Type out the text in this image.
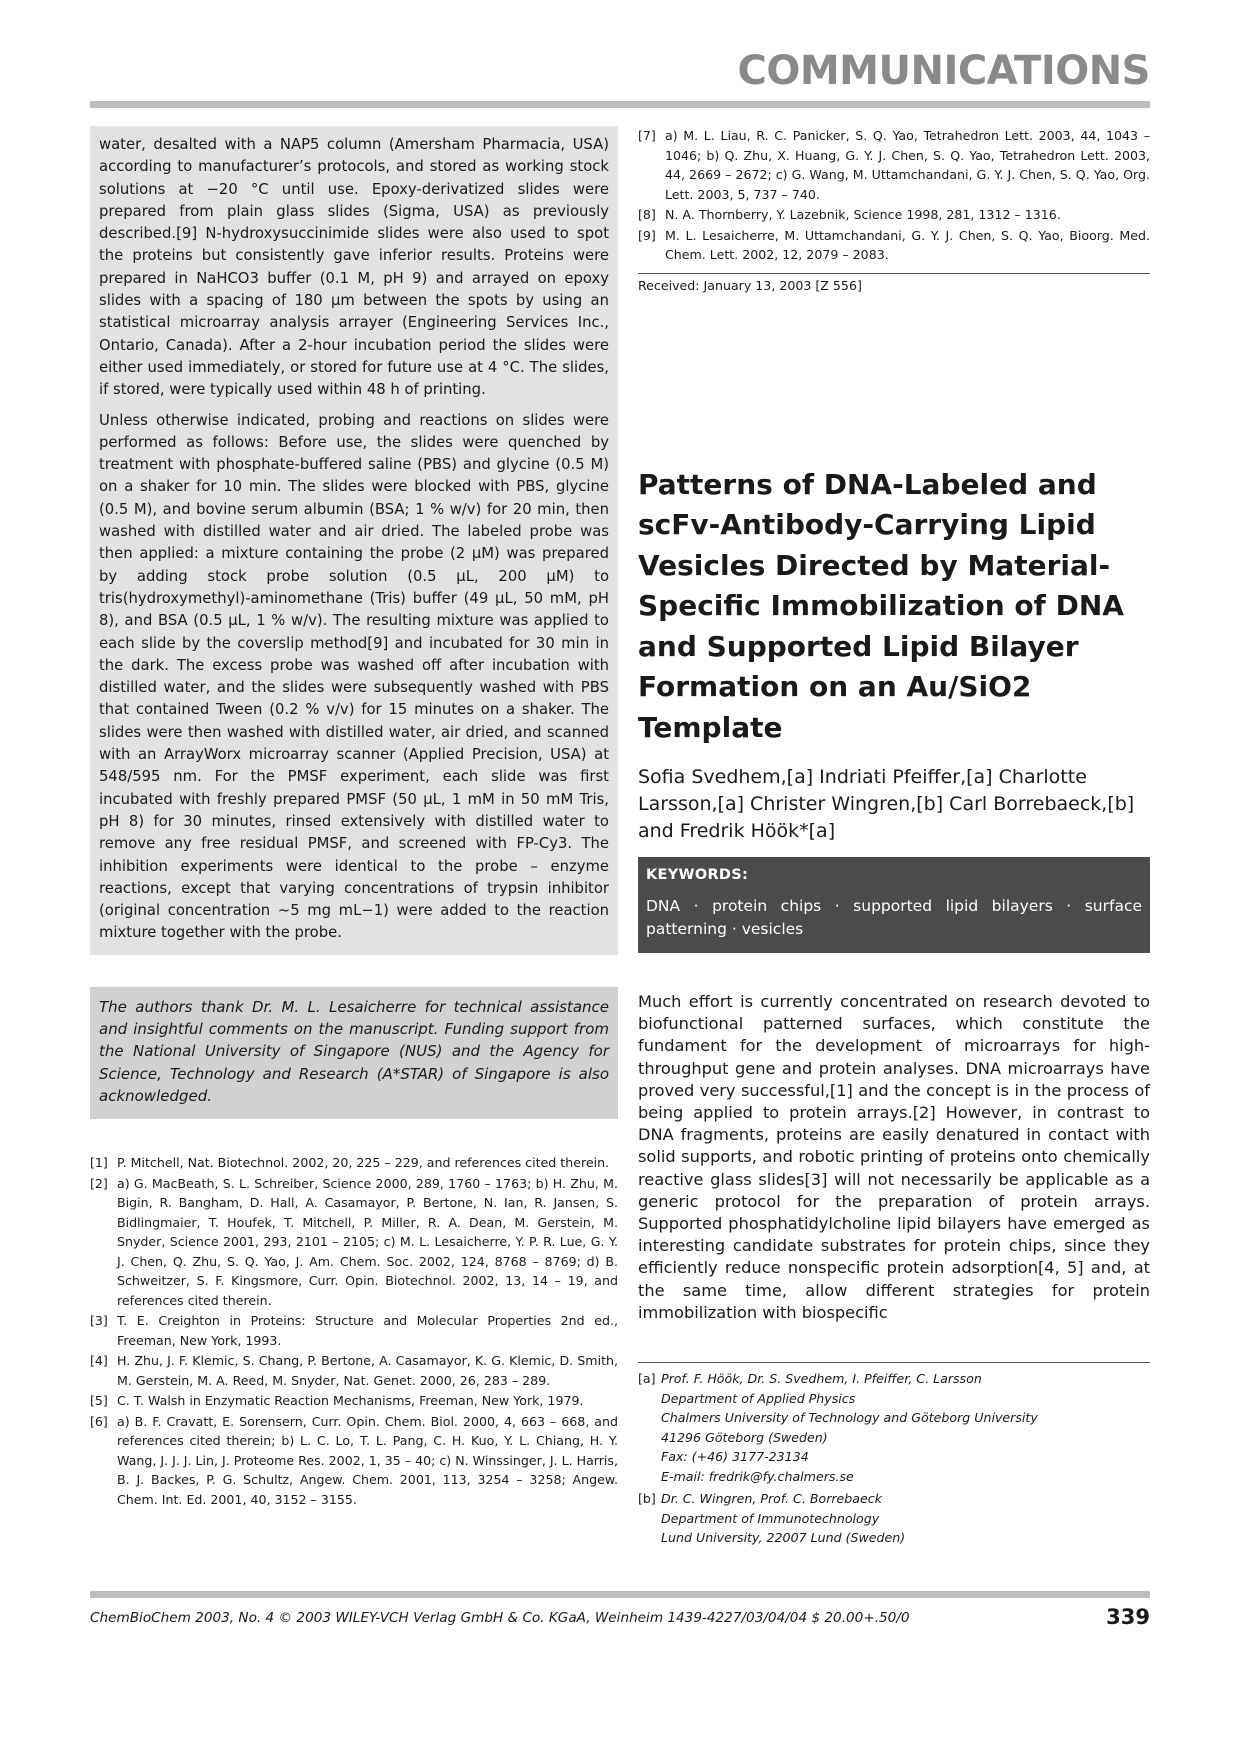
COMMUNICATIONS

water, desalted with a NAP5 column (Amersham Pharmacia, USA) according to manufacturer’s protocols, and stored as working stock solutions at −20 °C until use. Epoxy-derivatized slides were prepared from plain glass slides (Sigma, USA) as previously described.[9] N-hydroxysuccinimide slides were also used to spot the proteins but consistently gave inferior results. Proteins were prepared in NaHCO3 buffer (0.1 M, pH 9) and arrayed on epoxy slides with a spacing of 180 µm between the spots by using an statistical microarray analysis arrayer (Engineering Services Inc., Ontario, Canada). After a 2-hour incubation period the slides were either used immediately, or stored for future use at 4 °C. The slides, if stored, were typically used within 48 h of printing.

Unless otherwise indicated, probing and reactions on slides were performed as follows: Before use, the slides were quenched by treatment with phosphate-buffered saline (PBS) and glycine (0.5 M) on a shaker for 10 min. The slides were blocked with PBS, glycine (0.5 M), and bovine serum albumin (BSA; 1 % w/v) for 20 min, then washed with distilled water and air dried. The labeled probe was then applied: a mixture containing the probe (2 µM) was prepared by adding stock probe solution (0.5 µL, 200 µM) to tris(hydroxymethyl)-aminomethane (Tris) buffer (49 µL, 50 mM, pH 8), and BSA (0.5 µL, 1 % w/v). The resulting mixture was applied to each slide by the coverslip method[9] and incubated for 30 min in the dark. The excess probe was washed off after incubation with distilled water, and the slides were subsequently washed with PBS that contained Tween (0.2 % v/v) for 15 minutes on a shaker. The slides were then washed with distilled water, air dried, and scanned with an ArrayWorx microarray scanner (Applied Precision, USA) at 548/595 nm. For the PMSF experiment, each slide was first incubated with freshly prepared PMSF (50 µL, 1 mM in 50 mM Tris, pH 8) for 30 minutes, rinsed extensively with distilled water to remove any free residual PMSF, and screened with FP-Cy3. The inhibition experiments were identical to the probe – enzyme reactions, except that varying concentrations of trypsin inhibitor (original concentration ∼5 mg mL−1) were added to the reaction mixture together with the probe.

The authors thank Dr. M. L. Lesaicherre for technical assistance and insightful comments on the manuscript. Funding support from the National University of Singapore (NUS) and the Agency for Science, Technology and Research (A*STAR) of Singapore is also acknowledged.
[1] P. Mitchell, Nat. Biotechnol. 2002, 20, 225 – 229, and references cited therein.
[2] a) G. MacBeath, S. L. Schreiber, Science 2000, 289, 1760 – 1763; b) H. Zhu, M. Bigin, R. Bangham, D. Hall, A. Casamayor, P. Bertone, N. Ian, R. Jansen, S. Bidlingmaier, T. Houfek, T. Mitchell, P. Miller, R. A. Dean, M. Gerstein, M. Snyder, Science 2001, 293, 2101 – 2105; c) M. L. Lesaicherre, Y. P. R. Lue, G. Y. J. Chen, Q. Zhu, S. Q. Yao, J. Am. Chem. Soc. 2002, 124, 8768 – 8769; d) B. Schweitzer, S. F. Kingsmore, Curr. Opin. Biotechnol. 2002, 13, 14 – 19, and references cited therein.
[3] T. E. Creighton in Proteins: Structure and Molecular Properties 2nd ed., Freeman, New York, 1993.
[4] H. Zhu, J. F. Klemic, S. Chang, P. Bertone, A. Casamayor, K. G. Klemic, D. Smith, M. Gerstein, M. A. Reed, M. Snyder, Nat. Genet. 2000, 26, 283 – 289.
[5] C. T. Walsh in Enzymatic Reaction Mechanisms, Freeman, New York, 1979.
[6] a) B. F. Cravatt, E. Sorensern, Curr. Opin. Chem. Biol. 2000, 4, 663 – 668, and references cited therein; b) L. C. Lo, T. L. Pang, C. H. Kuo, Y. L. Chiang, H. Y. Wang, J. J. J. Lin, J. Proteome Res. 2002, 1, 35 – 40; c) N. Winssinger, J. L. Harris, B. J. Backes, P. G. Schultz, Angew. Chem. 2001, 113, 3254 – 3258; Angew. Chem. Int. Ed. 2001, 40, 3152 – 3155.
[7] a) M. L. Liau, R. C. Panicker, S. Q. Yao, Tetrahedron Lett. 2003, 44, 1043 – 1046; b) Q. Zhu, X. Huang, G. Y. J. Chen, S. Q. Yao, Tetrahedron Lett. 2003, 44, 2669 – 2672; c) G. Wang, M. Uttamchandani, G. Y. J. Chen, S. Q. Yao, Org. Lett. 2003, 5, 737 – 740.
[8] N. A. Thornberry, Y. Lazebnik, Science 1998, 281, 1312 – 1316.
[9] M. L. Lesaicherre, M. Uttamchandani, G. Y. J. Chen, S. Q. Yao, Bioorg. Med. Chem. Lett. 2002, 12, 2079 – 2083.
Received: January 13, 2003 [Z 556]
Patterns of DNA-Labeled and scFv-Antibody-Carrying Lipid Vesicles Directed by Material-Specific Immobilization of DNA and Supported Lipid Bilayer Formation on an Au/SiO2 Template
Sofia Svedhem,[a] Indriati Pfeiffer,[a] Charlotte Larsson,[a] Christer Wingren,[b] Carl Borrebaeck,[b] and Fredrik Höök*[a]
KEYWORDS:
DNA · protein chips · supported lipid bilayers · surface patterning · vesicles
Much effort is currently concentrated on research devoted to biofunctional patterned surfaces, which constitute the fundament for the development of microarrays for high-throughput gene and protein analyses. DNA microarrays have proved very successful,[1] and the concept is in the process of being applied to protein arrays.[2] However, in contrast to DNA fragments, proteins are easily denatured in contact with solid supports, and robotic printing of proteins onto chemically reactive glass slides[3] will not necessarily be applicable as a generic protocol for the preparation of protein arrays. Supported phosphatidylcholine lipid bilayers have emerged as interesting candidate substrates for protein chips, since they efficiently reduce nonspecific protein adsorption[4, 5] and, at the same time, allow different strategies for protein immobilization with biospecific
[a] Prof. F. Höök, Dr. S. Svedhem, I. Pfeiffer, C. Larsson
Department of Applied Physics
Chalmers University of Technology and Göteborg University
41296 Göteborg (Sweden)
Fax: (+46) 3177-23134
E-mail: fredrik@fy.chalmers.se
[b] Dr. C. Wingren, Prof. C. Borrebaeck
Department of Immunotechnology
Lund University, 22007 Lund (Sweden)
ChemBioChem 2003, No. 4 © 2003 WILEY-VCH Verlag GmbH & Co. KGaA, Weinheim 1439-4227/03/04/04 $ 20.00+.50/0	339
